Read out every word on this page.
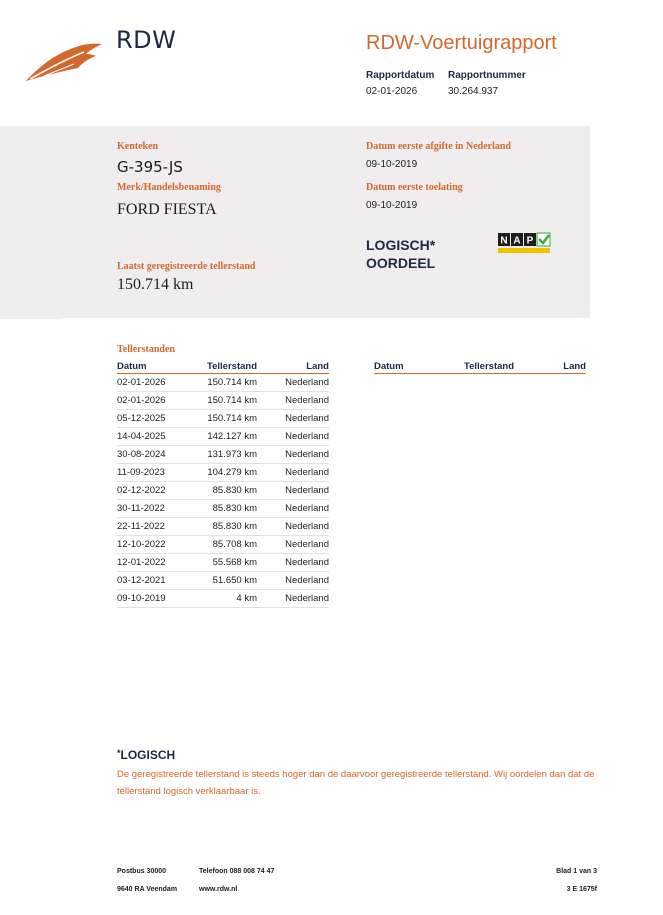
RDW	RDW-Voertuigrapport
Rapportdatum Rapportnummer
02-01-2026	30.264.937
Kenteken
G-395-JS
Merk/Handelsbenaming
FORD FIESTA
Laatst geregistreerde tellerstand
150.714 km
Datum eerste afgifte in Nederland
09-10-2019
Datum eerste toelating
09-10-2019
LOGISCH*
OORDEEL
N A P
Tellerstanden
Datum	Tellerstand	Land
02-01-2026	150.714 km	Nederland
02-01-2026	150.714 km	Nederland
05-12-2025	150.714 km	Nederland
14-04-2025	142.127 km	Nederland
30-08-2024	131.973 km	Nederland
11-09-2023	104.279 km	Nederland
02-12-2022	85.830 km	Nederland
30-11-2022	85.830 km	Nederland
22-11-2022	85.830 km	Nederland
12-10-2022	85.708 km	Nederland
12-01-2022	55.568 km	Nederland
03-12-2021	51.650 km	Nederland
09-10-2019	4 km	Nederland
Datum	Tellerstand	Land
*LOGISCH
De geregistreerde tellerstand is steeds hoger dan de daarvoor geregistreerde tellerstand. Wij oordelen dan dat de tellerstand logisch verklaarbaar is.
Postbus 30000	Telefoon 088 008 74 47
9640 RA Veendam	www.rdw.nl
Blad 1 van 3
3 E 1675f
